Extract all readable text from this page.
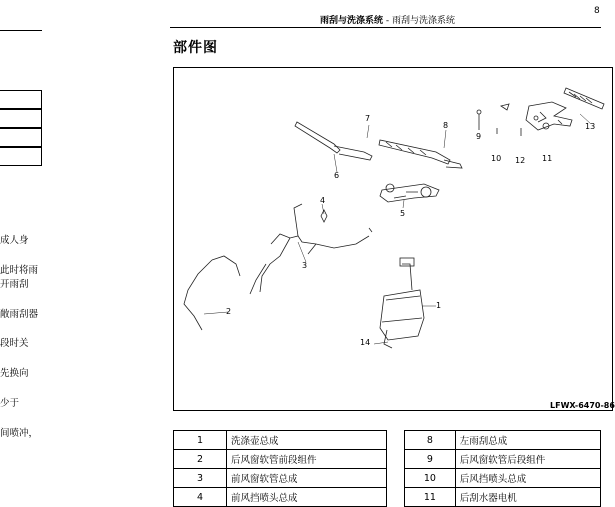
8
雨刮与洗涤系统 - 雨刮与洗涤系统
部件图
成人身
此时将雨
开雨刮
敞雨刮器
段时关
先换向
少于
间喷冲，
7
8
9
10 12 11
13
6
5
4
3
1
2
14
LFWX-6470-86
1	洗涤壶总成
2	后风窗软管前段组件
3	前风窗软管总成
4	前风挡喷头总成
8	左雨刮总成
9	后风窗软管后段组件
10	后风挡喷头总成
11	后刮水器电机
